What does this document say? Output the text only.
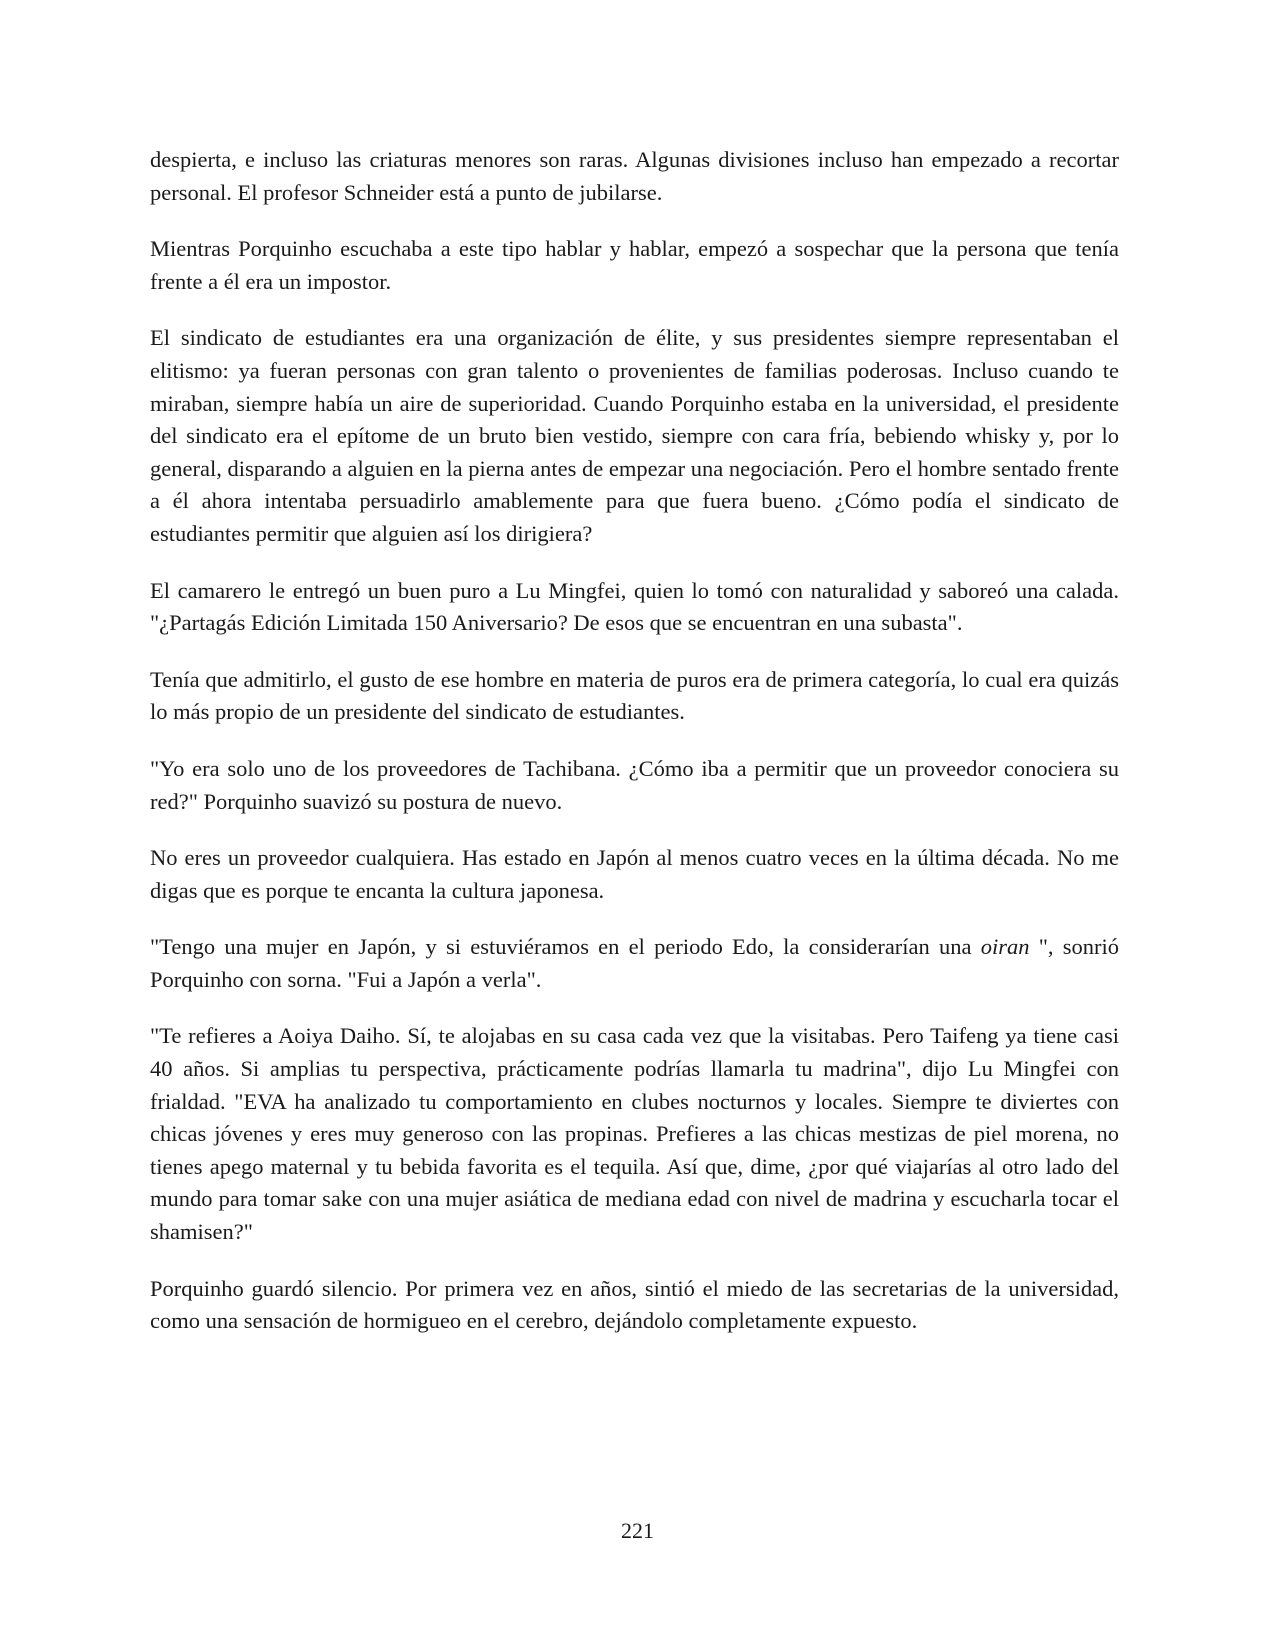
despierta, e incluso las criaturas menores son raras. Algunas divisiones incluso han empezado a recortar personal. El profesor Schneider está a punto de jubilarse.

Mientras Porquinho escuchaba a este tipo hablar y hablar, empezó a sospechar que la persona que tenía frente a él era un impostor.

El sindicato de estudiantes era una organización de élite, y sus presidentes siempre representaban el elitismo: ya fueran personas con gran talento o provenientes de familias poderosas. Incluso cuando te miraban, siempre había un aire de superioridad. Cuando Porquinho estaba en la universidad, el presidente del sindicato era el epítome de un bruto bien vestido, siempre con cara fría, bebiendo whisky y, por lo general, disparando a alguien en la pierna antes de empezar una negociación. Pero el hombre sentado frente a él ahora intentaba persuadirlo amablemente para que fuera bueno. ¿Cómo podía el sindicato de estudiantes permitir que alguien así los dirigiera?

El camarero le entregó un buen puro a Lu Mingfei, quien lo tomó con naturalidad y saboreó una calada. "¿Partagás Edición Limitada 150 Aniversario? De esos que se encuentran en una subasta".

Tenía que admitirlo, el gusto de ese hombre en materia de puros era de primera categoría, lo cual era quizás lo más propio de un presidente del sindicato de estudiantes.

"Yo era solo uno de los proveedores de Tachibana. ¿Cómo iba a permitir que un proveedor conociera su red?" Porquinho suavizó su postura de nuevo.

No eres un proveedor cualquiera. Has estado en Japón al menos cuatro veces en la última década. No me digas que es porque te encanta la cultura japonesa.

"Tengo una mujer en Japón, y si estuviéramos en el periodo Edo, la considerarían una oiran ", sonrió Porquinho con sorna. "Fui a Japón a verla".

"Te refieres a Aoiya Daiho. Sí, te alojabas en su casa cada vez que la visitabas. Pero Taifeng ya tiene casi 40 años. Si amplias tu perspectiva, prácticamente podrías llamarla tu madrina", dijo Lu Mingfei con frialdad. "EVA ha analizado tu comportamiento en clubes nocturnos y locales. Siempre te diviertes con chicas jóvenes y eres muy generoso con las propinas. Prefieres a las chicas mestizas de piel morena, no tienes apego maternal y tu bebida favorita es el tequila. Así que, dime, ¿por qué viajarías al otro lado del mundo para tomar sake con una mujer asiática de mediana edad con nivel de madrina y escucharla tocar el shamisen?"

Porquinho guardó silencio. Por primera vez en años, sintió el miedo de las secretarias de la universidad, como una sensación de hormigueo en el cerebro, dejándolo completamente expuesto.

221
